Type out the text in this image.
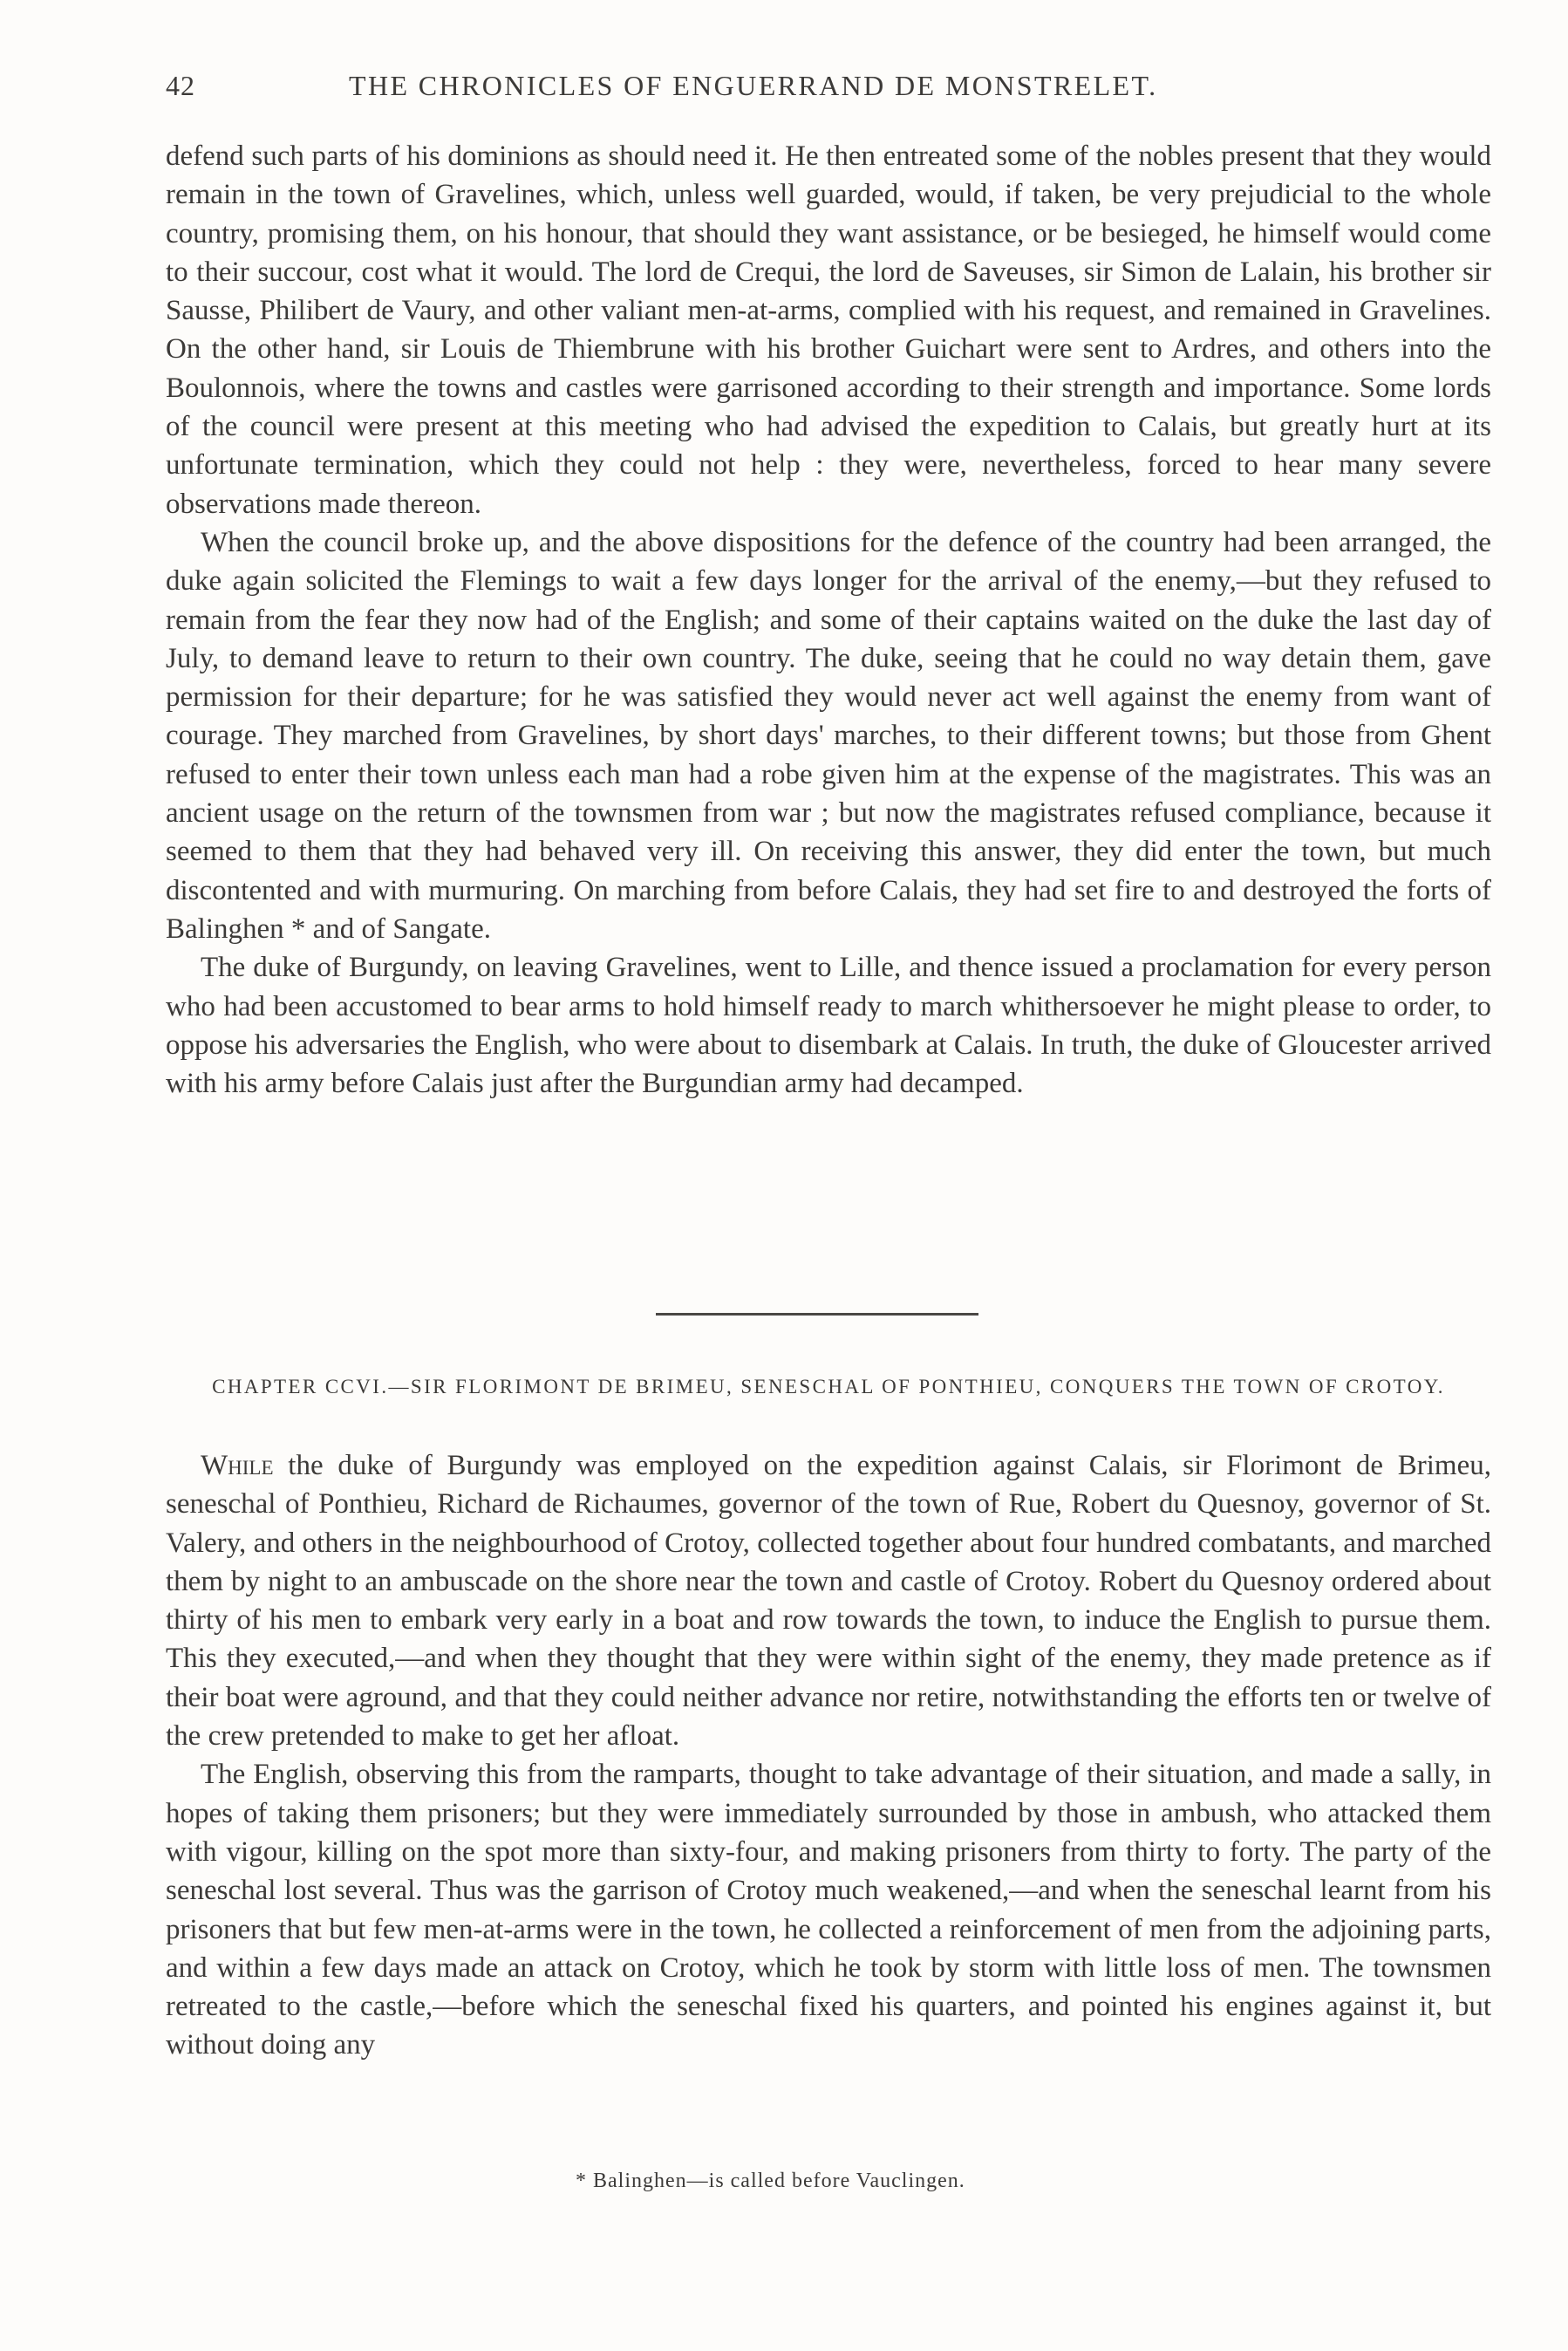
42	THE CHRONICLES OF ENGUERRAND DE MONSTRELET.

defend such parts of his dominions as should need it. He then entreated some of the nobles present that they would remain in the town of Gravelines, which, unless well guarded, would, if taken, be very prejudicial to the whole country, promising them, on his honour, that should they want assistance, or be besieged, he himself would come to their succour, cost what it would. The lord de Crequi, the lord de Saveuses, sir Simon de Lalain, his brother sir Sausse, Philibert de Vaury, and other valiant men-at-arms, complied with his request, and remained in Gravelines. On the other hand, sir Louis de Thiembrune with his brother Guichart were sent to Ardres, and others into the Boulonnois, where the towns and castles were garrisoned according to their strength and importance. Some lords of the council were present at this meeting who had advised the expedition to Calais, but greatly hurt at its unfortunate termination, which they could not help : they were, nevertheless, forced to hear many severe observations made thereon.

When the council broke up, and the above dispositions for the defence of the country had been arranged, the duke again solicited the Flemings to wait a few days longer for the arrival of the enemy,—but they refused to remain from the fear they now had of the English; and some of their captains waited on the duke the last day of July, to demand leave to return to their own country. The duke, seeing that he could no way detain them, gave permission for their departure; for he was satisfied they would never act well against the enemy from want of courage. They marched from Gravelines, by short days' marches, to their different towns; but those from Ghent refused to enter their town unless each man had a robe given him at the expense of the magistrates. This was an ancient usage on the return of the townsmen from war ; but now the magistrates refused compliance, because it seemed to them that they had behaved very ill. On receiving this answer, they did enter the town, but much discontented and with murmuring. On marching from before Calais, they had set fire to and destroyed the forts of Balinghen * and of Sangate.

The duke of Burgundy, on leaving Gravelines, went to Lille, and thence issued a proclamation for every person who had been accustomed to bear arms to hold himself ready to march whithersoever he might please to order, to oppose his adversaries the English, who were about to disembark at Calais. In truth, the duke of Gloucester arrived with his army before Calais just after the Burgundian army had decamped.

CHAPTER CCVI.—SIR FLORIMONT DE BRIMEU, SENESCHAL OF PONTHIEU, CONQUERS THE TOWN OF CROTOY.

While the duke of Burgundy was employed on the expedition against Calais, sir Florimont de Brimeu, seneschal of Ponthieu, Richard de Richaumes, governor of the town of Rue, Robert du Quesnoy, governor of St. Valery, and others in the neighbourhood of Crotoy, collected together about four hundred combatants, and marched them by night to an ambuscade on the shore near the town and castle of Crotoy. Robert du Quesnoy ordered about thirty of his men to embark very early in a boat and row towards the town, to induce the English to pursue them. This they executed,—and when they thought that they were within sight of the enemy, they made pretence as if their boat were aground, and that they could neither advance nor retire, notwithstanding the efforts ten or twelve of the crew pretended to make to get her afloat.

The English, observing this from the ramparts, thought to take advantage of their situation, and made a sally, in hopes of taking them prisoners; but they were immediately surrounded by those in ambush, who attacked them with vigour, killing on the spot more than sixty-four, and making prisoners from thirty to forty. The party of the seneschal lost several. Thus was the garrison of Crotoy much weakened,—and when the seneschal learnt from his prisoners that but few men-at-arms were in the town, he collected a reinforcement of men from the adjoining parts, and within a few days made an attack on Crotoy, which he took by storm with little loss of men. The townsmen retreated to the castle,—before which the seneschal fixed his quarters, and pointed his engines against it, but without doing any

* Balinghen—is called before Vauclingen.
